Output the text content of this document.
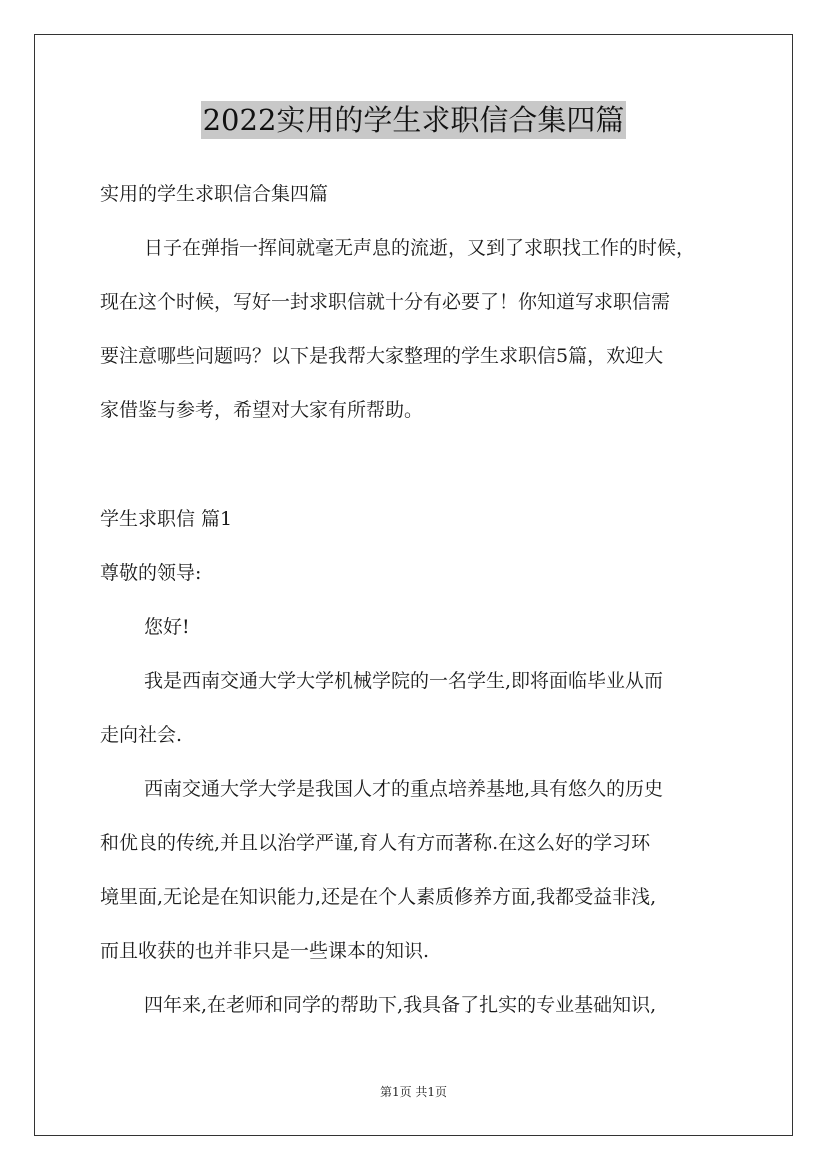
2022实用的学生求职信合集四篇
实用的学生求职信合集四篇
日子在弹指一挥间就毫无声息的流逝，又到了求职找工作的时候，
现在这个时候，写好一封求职信就十分有必要了！你知道写求职信需
要注意哪些问题吗？以下是我帮大家整理的学生求职信5篇，欢迎大
家借鉴与参考，希望对大家有所帮助。
学生求职信 篇1
尊敬的领导:
您好!
我是西南交通大学大学机械学院的一名学生,即将面临毕业从而
走向社会.
西南交通大学大学是我国人才的重点培养基地,具有悠久的历史
和优良的传统,并且以治学严谨,育人有方而著称.在这么好的学习环
境里面,无论是在知识能力,还是在个人素质修养方面,我都受益非浅,
而且收获的也并非只是一些课本的知识.
四年来,在老师和同学的帮助下,我具备了扎实的专业基础知识,
第1页 共1页
